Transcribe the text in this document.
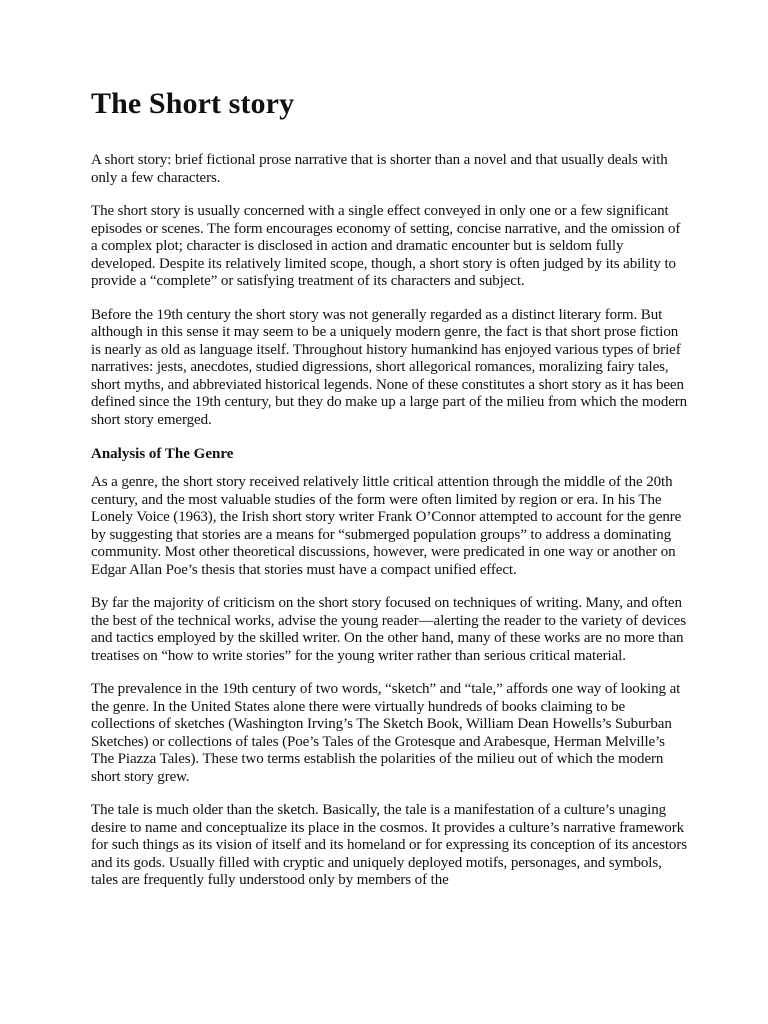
The Short story

A short story: brief fictional prose narrative that is shorter than a novel and that usually deals with only a few characters.

The short story is usually concerned with a single effect conveyed in only one or a few significant episodes or scenes. The form encourages economy of setting, concise narrative, and the omission of a complex plot; character is disclosed in action and dramatic encounter but is seldom fully developed. Despite its relatively limited scope, though, a short story is often judged by its ability to provide a “complete” or satisfying treatment of its characters and subject.

Before the 19th century the short story was not generally regarded as a distinct literary form. But although in this sense it may seem to be a uniquely modern genre, the fact is that short prose fiction is nearly as old as language itself. Throughout history humankind has enjoyed various types of brief narratives: jests, anecdotes, studied digressions, short allegorical romances, moralizing fairy tales, short myths, and abbreviated historical legends. None of these constitutes a short story as it has been defined since the 19th century, but they do make up a large part of the milieu from which the modern short story emerged.

Analysis of The Genre

As a genre, the short story received relatively little critical attention through the middle of the 20th century, and the most valuable studies of the form were often limited by region or era. In his The Lonely Voice (1963), the Irish short story writer Frank O’Connor attempted to account for the genre by suggesting that stories are a means for “submerged population groups” to address a dominating community. Most other theoretical discussions, however, were predicated in one way or another on Edgar Allan Poe’s thesis that stories must have a compact unified effect.

By far the majority of criticism on the short story focused on techniques of writing. Many, and often the best of the technical works, advise the young reader—alerting the reader to the variety of devices and tactics employed by the skilled writer. On the other hand, many of these works are no more than treatises on “how to write stories” for the young writer rather than serious critical material.

The prevalence in the 19th century of two words, “sketch” and “tale,” affords one way of looking at the genre. In the United States alone there were virtually hundreds of books claiming to be collections of sketches (Washington Irving’s The Sketch Book, William Dean Howells’s Suburban Sketches) or collections of tales (Poe’s Tales of the Grotesque and Arabesque, Herman Melville’s The Piazza Tales). These two terms establish the polarities of the milieu out of which the modern short story grew.

The tale is much older than the sketch. Basically, the tale is a manifestation of a culture’s unaging desire to name and conceptualize its place in the cosmos. It provides a culture’s narrative framework for such things as its vision of itself and its homeland or for expressing its conception of its ancestors and its gods. Usually filled with cryptic and uniquely deployed motifs, personages, and symbols, tales are frequently fully understood only by members of the
